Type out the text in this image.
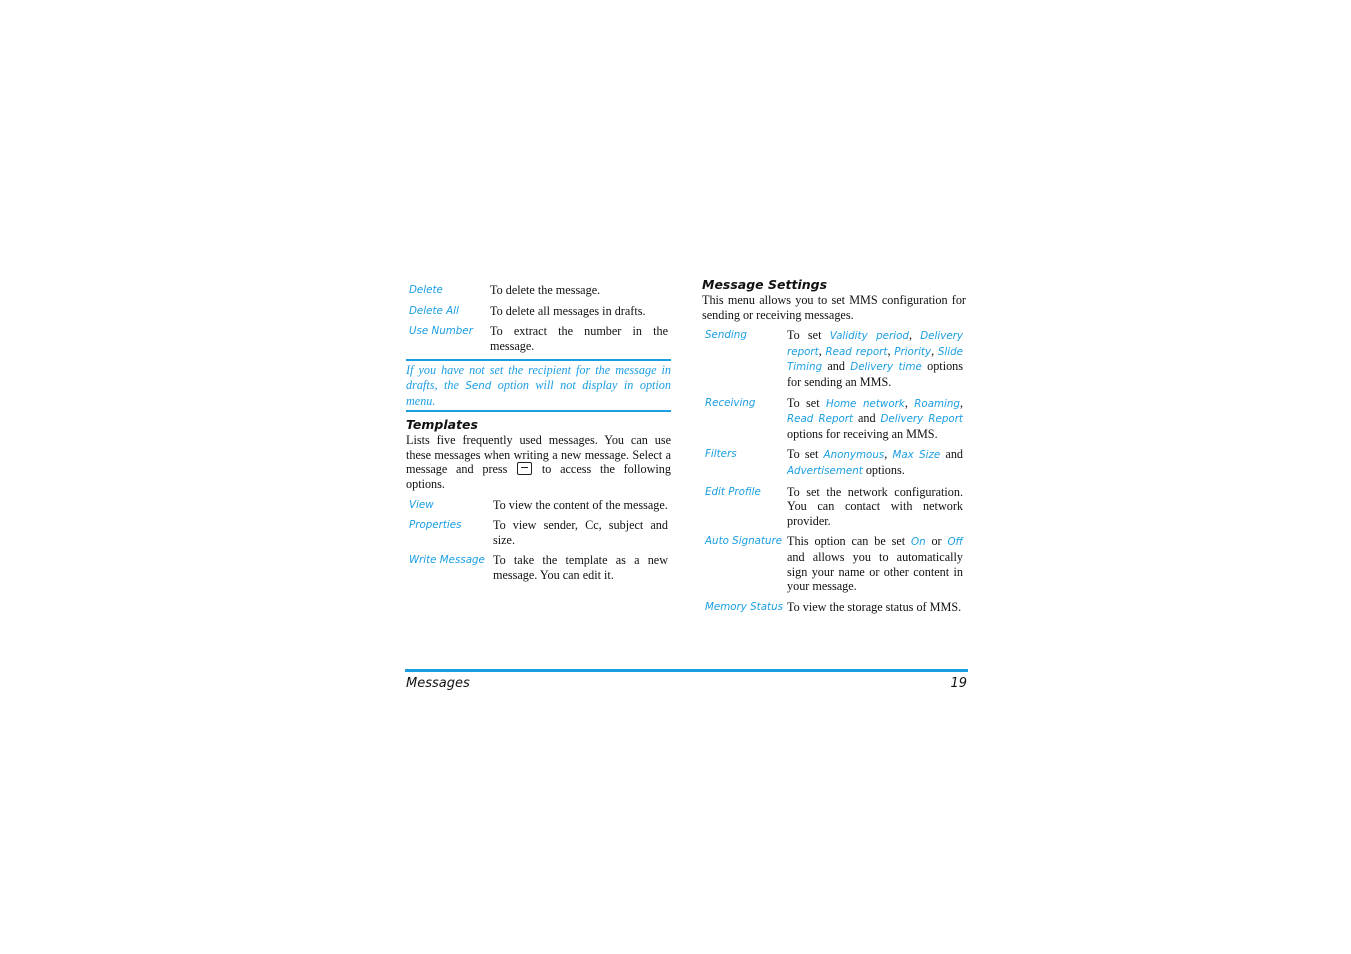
Delete	To delete the message.

Delete All	To delete all messages in drafts.

Use Number	To extract the number in the message.
If you have not set the recipient for the message in drafts, the Send option will not display in option menu.
Templates

Lists five frequently used messages. You can use these messages when writing a new message. Select a message and press  to access the following options.

View	To view the content of the message.

Properties	To view sender, Cc, subject and size.

Write Message	To take the template as a new message. You can edit it.
Message Settings

This menu allows you to set MMS configuration for sending or receiving messages.

Sending	To set Validity period, Delivery report, Read report, Priority, Slide Timing and Delivery time options for sending an MMS.

Receiving	To set Home network, Roaming, Read Report and Delivery Report options for receiving an MMS.

Filters	To set Anonymous, Max Size and Advertisement options.

Edit Profile	To set the network configuration. You can contact with network provider.

Auto Signature	This option can be set On or Off and allows you to automatically sign your name or other content in your message.

Memory Status	To view the storage status of MMS.
Messages	19
